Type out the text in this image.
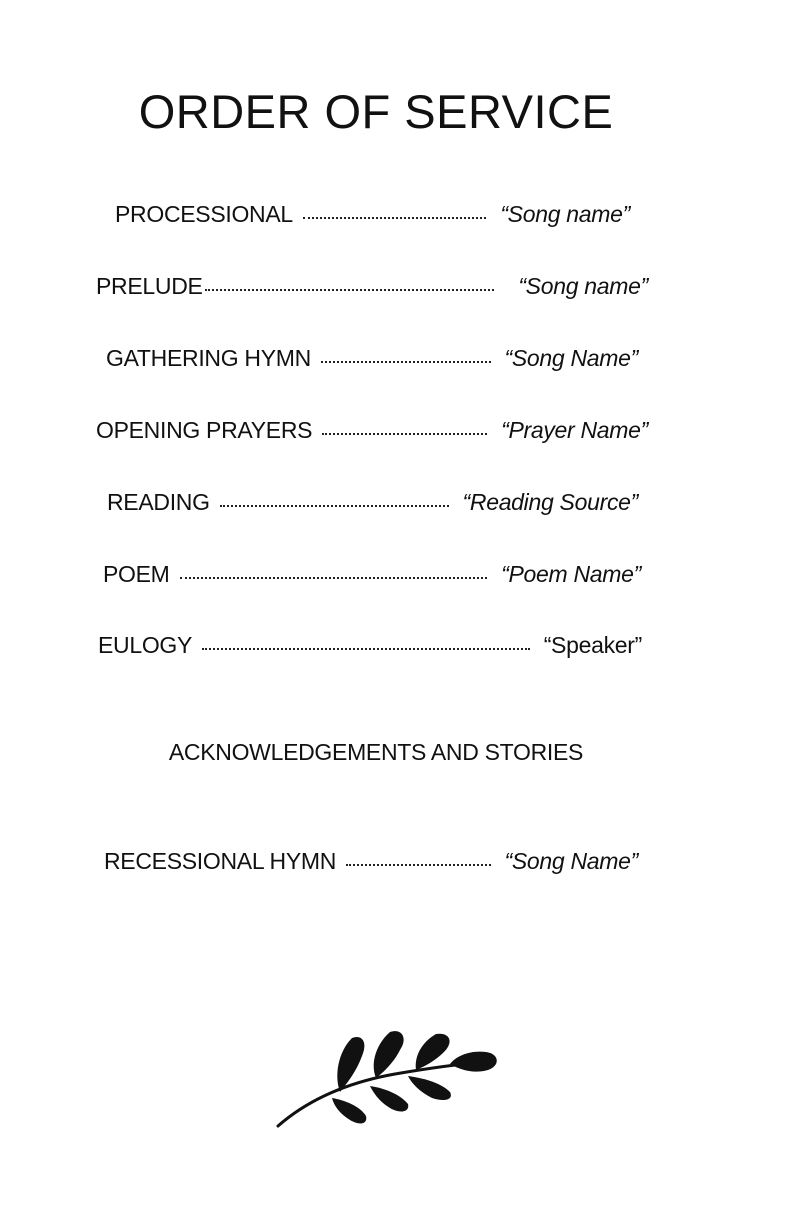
ORDER OF SERVICE
PROCESSIONAL	“Song name”
PRELUDE	“Song name”
GATHERING HYMN	“Song Name”
OPENING PRAYERS	“Prayer Name”
READING	“Reading Source”
POEM	“Poem Name”
EULOGY	“Speaker”
ACKNOWLEDGEMENTS AND STORIES
RECESSIONAL HYMN	“Song Name”
